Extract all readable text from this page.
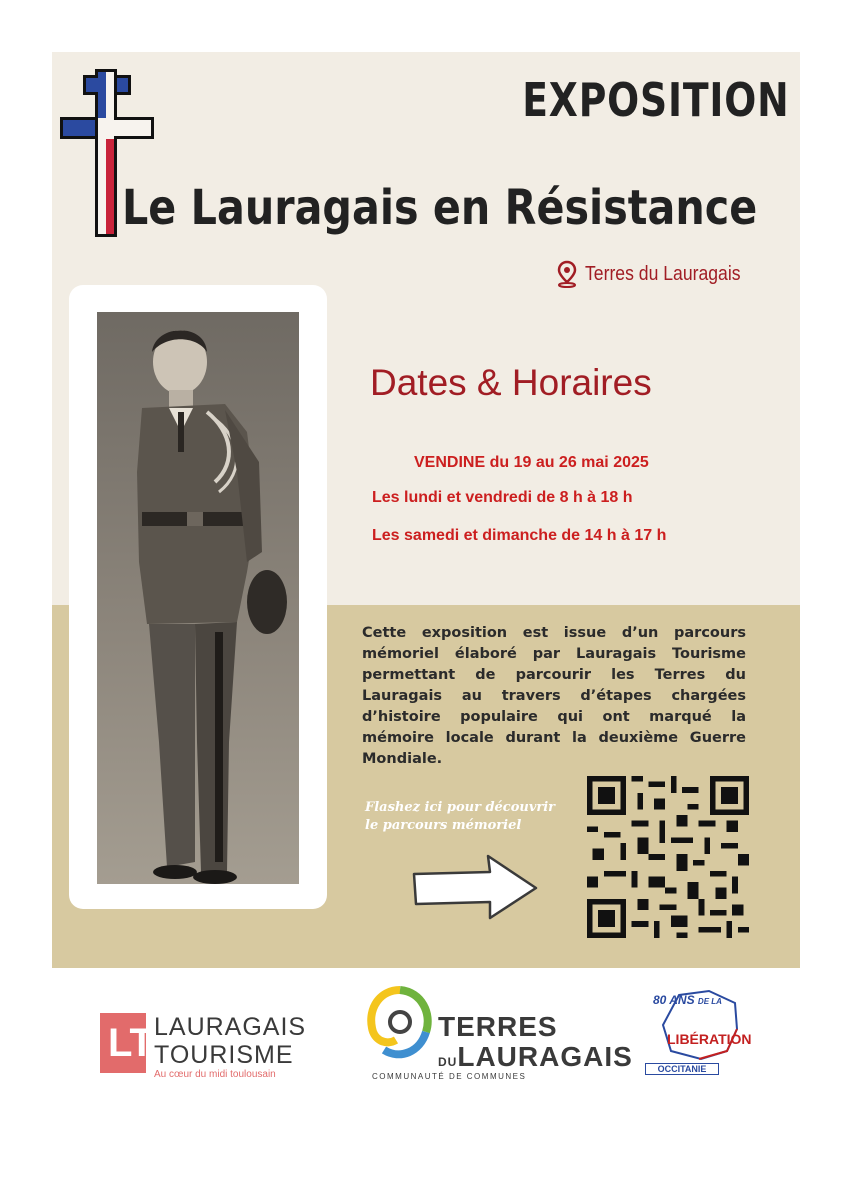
EXPOSITION
Le Lauragais en Résistance
Terres du Lauragais
Dates & Horaires
VENDINE du 19 au 26 mai 2025
Les lundi et vendredi de 8 h à 18 h
Les samedi et dimanche de 14 h à 17 h
Cette exposition est issue d’un parcours mémoriel élaboré par Lauragais Tourisme permettant de parcourir les Terres du Lauragais au travers d’étapes chargées d’histoire populaire qui ont marqué la mémoire locale durant la deuxième Guerre Mondiale.
Flashez ici pour découvrir
le parcours mémoriel
LT LAURAGAIS
TOURISME
Au cœur du midi toulousain
TERRES
DULAURAGAIS
COMMUNAUTÉ DE COMMUNES
80 ANS DE LA
LIBÉRATION
OCCITANIE
